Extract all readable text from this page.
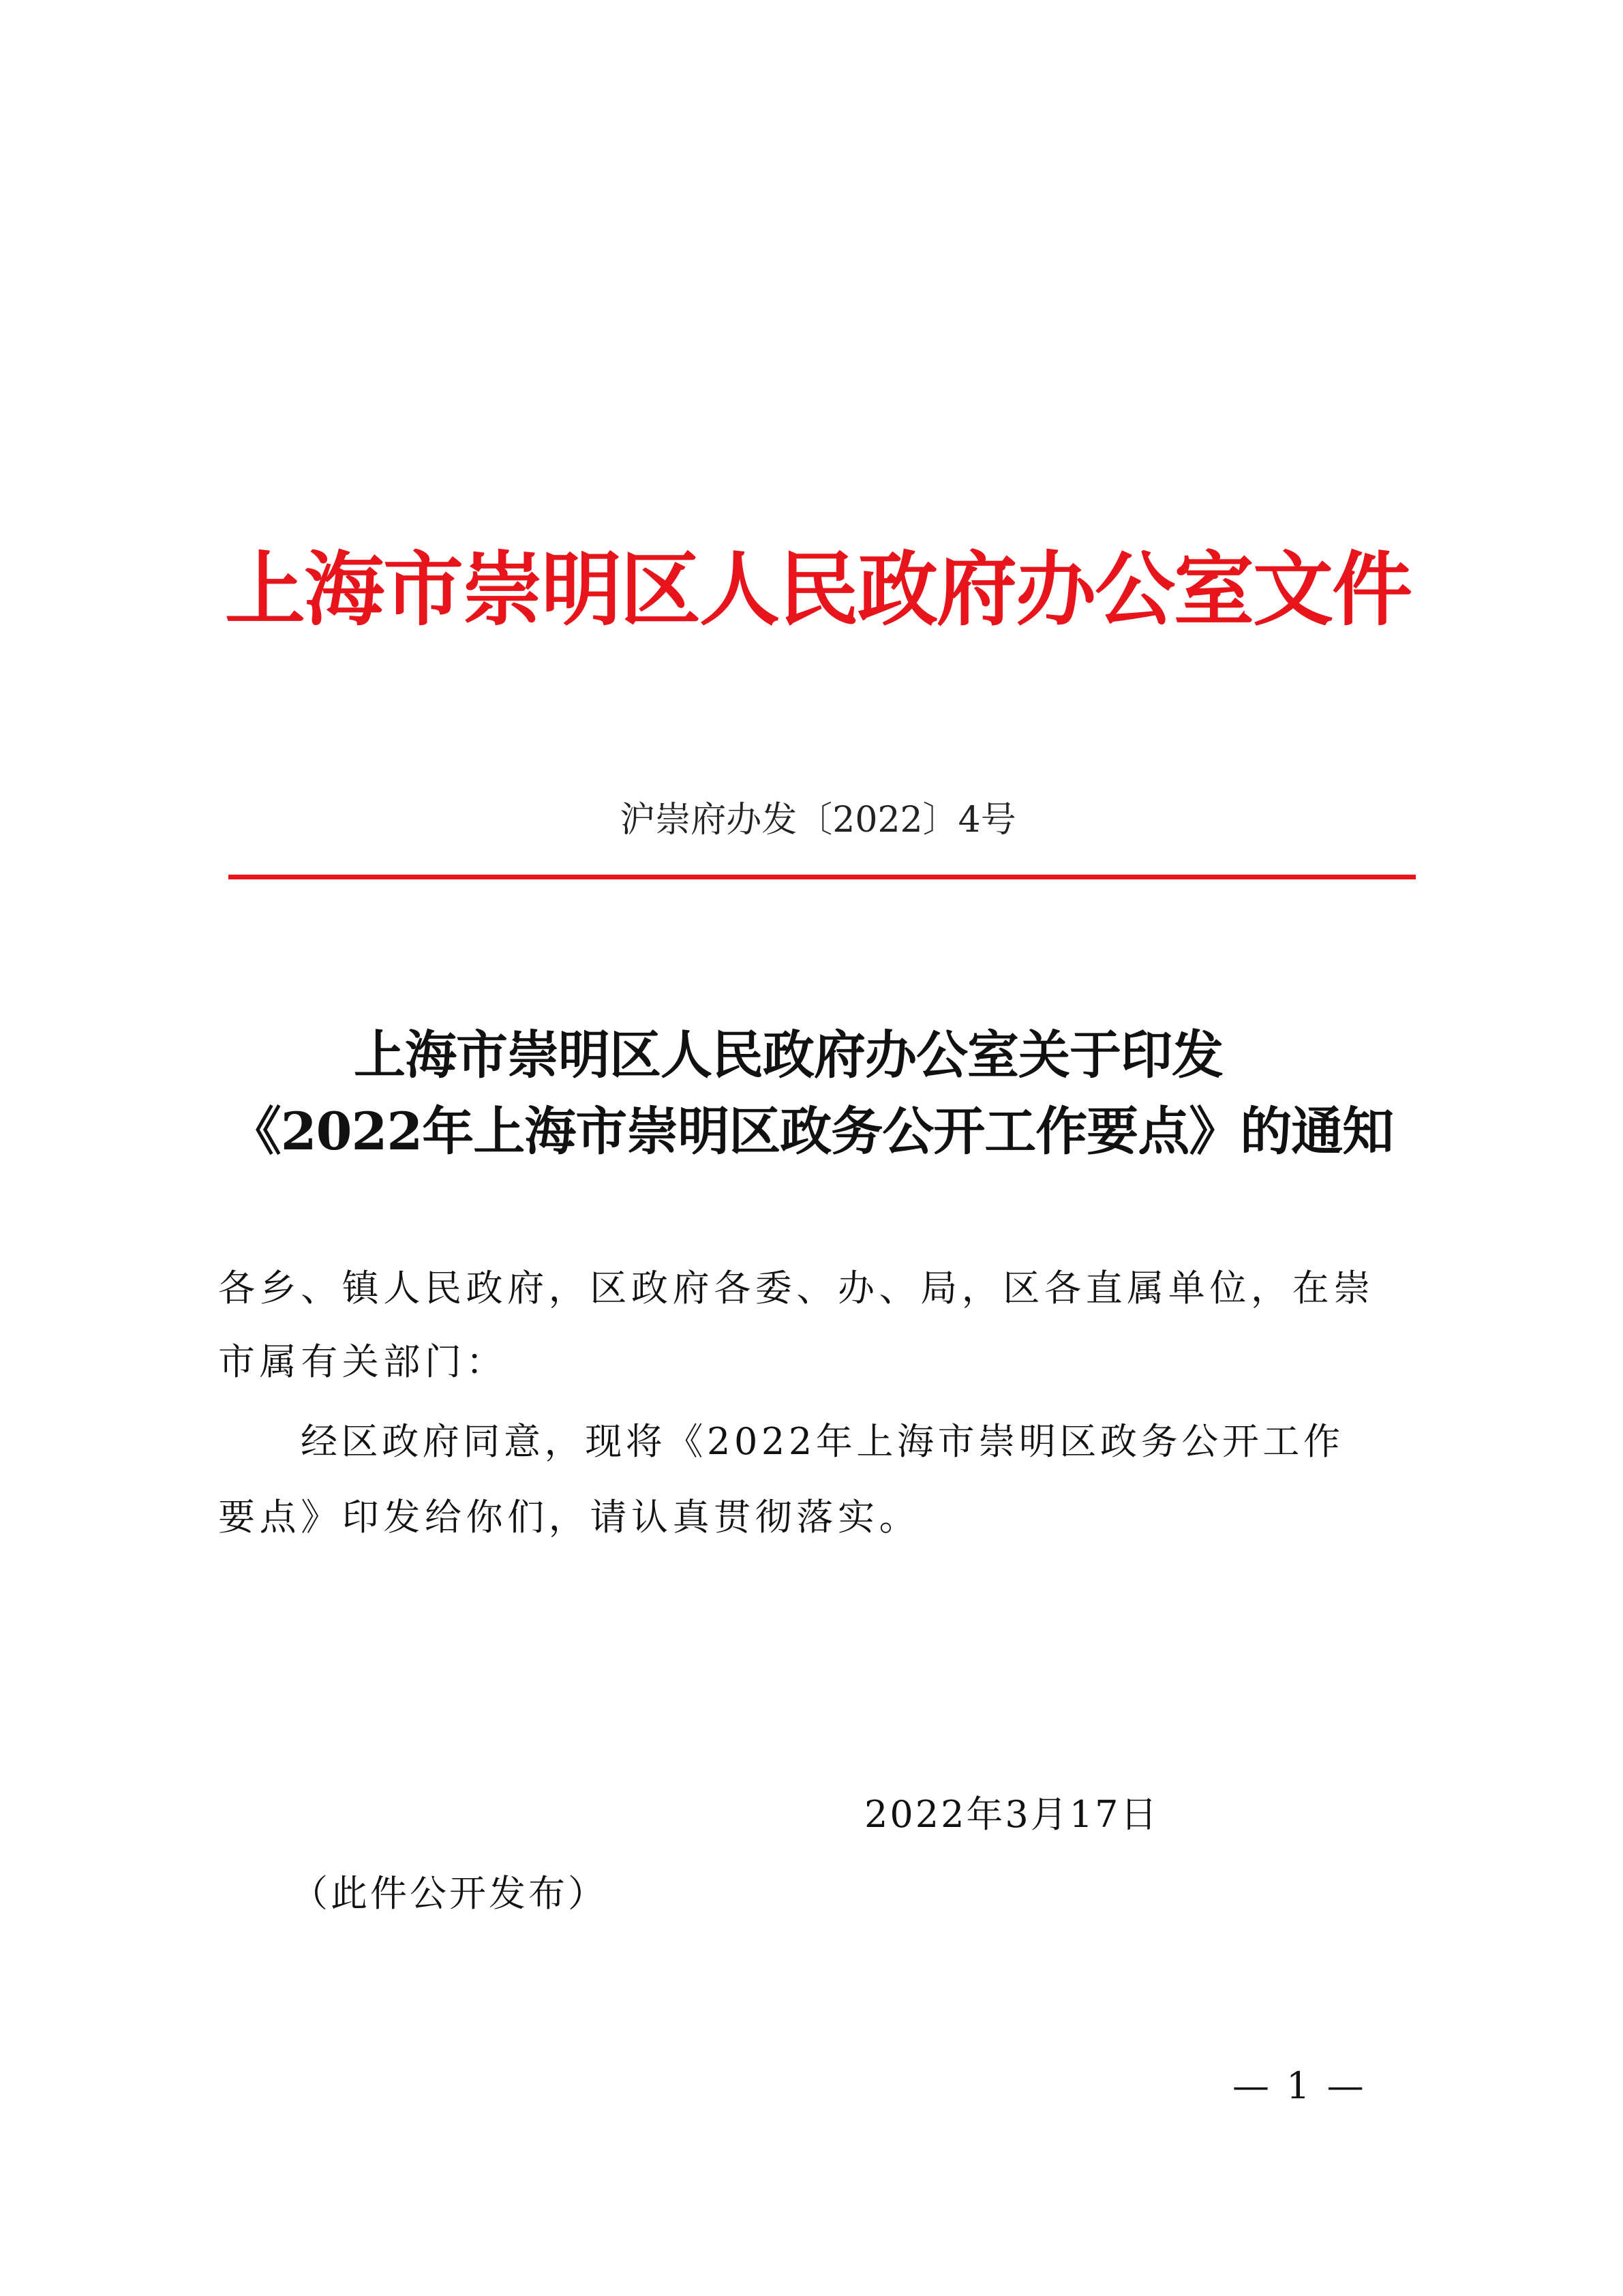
上海市崇明区人民政府办公室文件
沪崇府办发〔2022〕4号
上海市崇明区人民政府办公室关于印发
《2022年上海市崇明区政务公开工作要点》的通知
各乡、镇人民政府，区政府各委、办、局，区各直属单位，在崇
市属有关部门：
经区政府同意，现将《2022年上海市崇明区政务公开工作
要点》印发给你们，请认真贯彻落实。
2022年3月17日
（此件公开发布）
— 1 —
